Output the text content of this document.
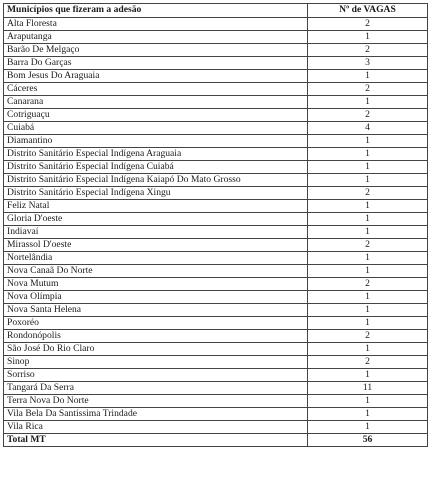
Municípios que fizeram a adesão	Nº de VAGAS
Alta Floresta	2
Araputanga	1
Barão De Melgaço	2
Barra Do Garças	3
Bom Jesus Do Araguaia	1
Cáceres	2
Canarana	1
Cotriguaçu	2
Cuiabá	4
Diamantino	1
Distrito Sanitário Especial Indígena Araguaia	1
Distrito Sanitário Especial Indígena Cuiabá	1
Distrito Sanitário Especial Indígena Kaiapó Do Mato Grosso	1
Distrito Sanitário Especial Indígena Xingu	2
Feliz Natal	1
Gloria D'oeste	1
Indiavaí	1
Mirassol D'oeste	2
Nortelândia	1
Nova Canaã Do Norte	1
Nova Mutum	2
Nova Olímpia	1
Nova Santa Helena	1
Poxoréo	1
Rondonópolis	2
São José Do Rio Claro	1
Sinop	2
Sorriso	1
Tangará Da Serra	11
Terra Nova Do Norte	1
Vila Bela Da Santíssima Trindade	1
Vila Rica	1
Total MT	56
